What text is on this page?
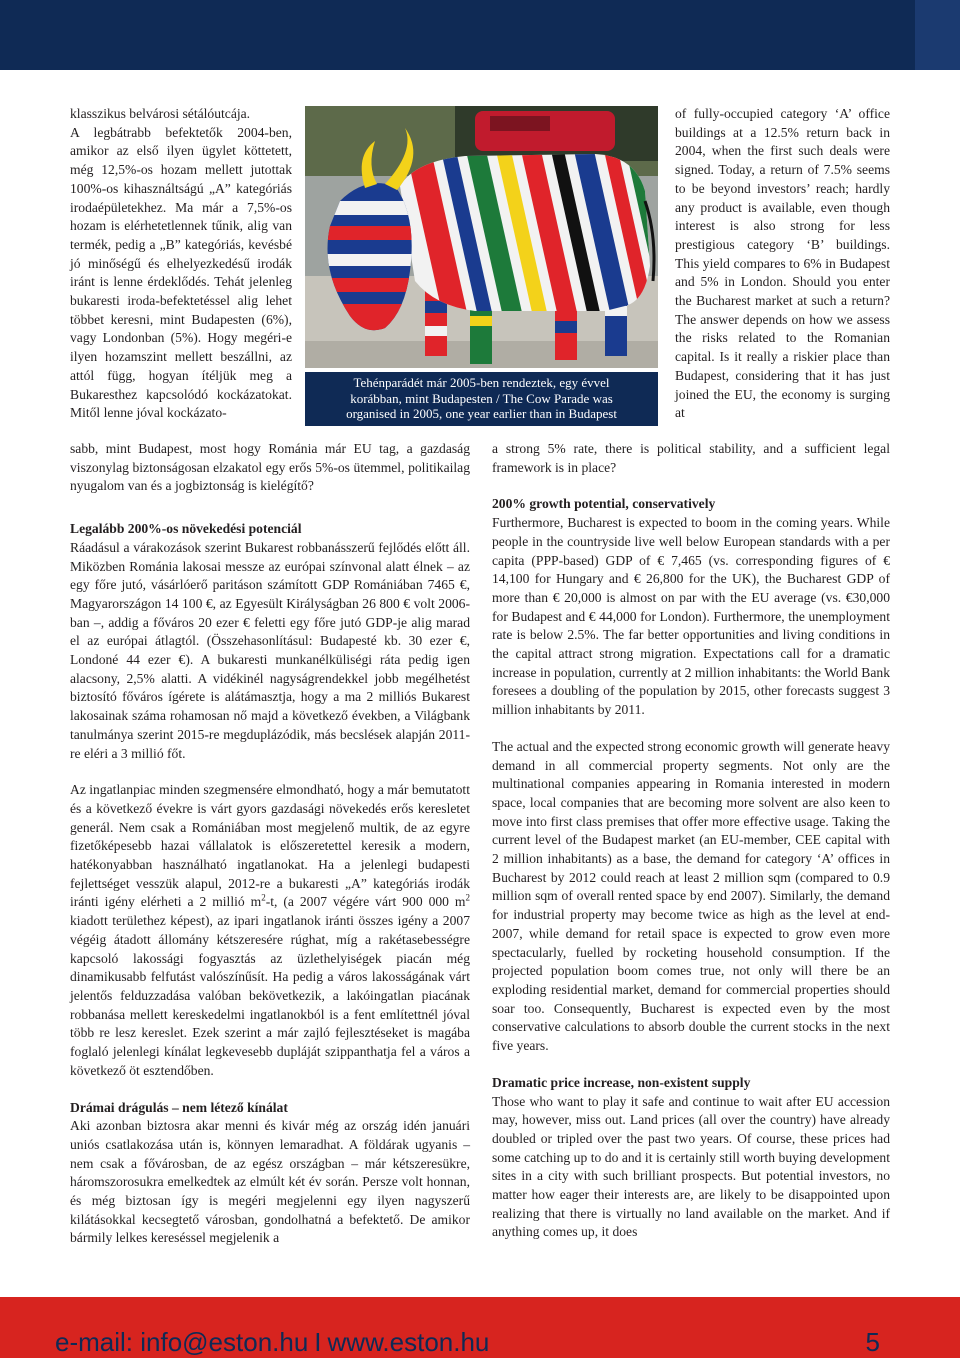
klasszikus belvárosi sétálóutcája.

A legbátrabb befektetők 2004-ben, amikor az első ilyen ügylet köttetett, még 12,5%-os hozam mellett jutottak 100%-os kihasználtságú „A” kategóriás irodaépületekhez. Ma már a 7,5%-os hozam is elérhetetlennek tűnik, alig van termék, pedig a „B” kategóriás, kevésbé jó minőségű és elhelyezkedésű irodák iránt is lenne érdeklődés. Tehát jelenleg bukaresti iroda-befektetéssel alig lehet többet keresni, mint Budapesten (6%), vagy Londonban (5%). Hogy megéri-e ilyen hozamszint mellett beszállni, az attól függ, hogyan ítéljük meg a Bukaresthez kapcsolódó kockázatokat. Mitől lenne jóval kockázato-

Tehénparádét már 2005-ben rendeztek, egy évvel
korábban, mint Budapesten / The Cow Parade was
organised in 2005, one year earlier than in Budapest

of fully-occupied category ‘A’ office buildings at a 12.5% return back in 2004, when the first such deals were signed. Today, a return of 7.5% seems to be beyond investors’ reach; hardly any product is available, even though interest is also strong for less prestigious category ‘B’ buildings. This yield compares to 6% in Budapest and 5% in London. Should you enter the Bucharest market at such a return? The answer depends on how we assess the risks related to the Romanian capital. Is it really a riskier place than Budapest, considering that it has just joined the EU, the economy is surging at

sabb, mint Budapest, most hogy Románia már EU tag, a gazdaság viszonylag biztonságosan elzakatol egy erős 5%-os ütemmel, politikailag nyugalom van és a jogbiztonság is kielégítő?

Legalább 200%-os növekedési potenciál

Ráadásul a várakozások szerint Bukarest robbanásszerű fejlődés előtt áll. Miközben Románia lakosai messze az európai színvonal alatt élnek – az egy főre jutó, vásárlóerő paritáson számított GDP Romániában 7465 €, Magyarországon 14 100 €, az Egyesült Királyságban 26 800 € volt 2006-ban –, addig a főváros 20 ezer € feletti egy főre jutó GDP-je alig marad el az európai átlagtól. (Összehasonlításul: Budapesté kb. 30 ezer €, Londoné 44 ezer €). A bukaresti munkanélküliségi ráta pedig igen alacsony, 2,5% alatti. A vidékinél nagyságrendekkel jobb megélhetést biztosító főváros ígérete is alátámasztja, hogy a ma 2 milliós Bukarest lakosainak száma rohamosan nő majd a következő években, a Világbank tanulmánya szerint 2015-re megduplázódik, más becslések alapján 2011-re eléri a 3 millió főt.

Az ingatlanpiac minden szegmensére elmondható, hogy a már bemutatott és a következő évekre is várt gyors gazdasági növekedés erős keresletet generál. Nem csak a Romániában most megjelenő multik, de az egyre fizetőképesebb hazai vállalatok is előszeretettel keresik a modern, hatékonyabban használható ingatlanokat. Ha a jelenlegi budapesti fejlettséget vesszük alapul, 2012-re a bukaresti „A” kategóriás irodák iránti igény elérheti a 2 millió $m^2-t$, (a 2007 végére várt 900 000 $m^2$ kiadott területhez képest), az ipari ingatlanok iránti összes igény a 2007 végéig átadott állomány kétszeresére rúghat, míg a rakétasebességre kapcsoló lakossági fogyasztás az üzlethelyiségek piacán még dinamikusabb felfutást valószínűsít. Ha pedig a város lakosságának várt jelentős felduzzadása valóban bekövetkezik, a lakóingatlan piacának robbanása mellett kereskedelmi ingatlanokból is a fent említettnél jóval több re lesz kereslet. Ezek szerint a már zajló fejlesztéseket is magába foglaló jelenlegi kínálat legkevesebb dupláját szippanthatja fel a város a következő öt esztendőben.

Drámai drágulás – nem létező kínálat

Aki azonban biztosra akar menni és kivár még az ország idén januári uniós csatlakozása után is, könnyen lemaradhat. A földárak ugyanis – nem csak a fővárosban, de az egész országban – már kétszeresükre, háromszorosukra emelkedtek az elmúlt két év során. Persze volt honnan, és még biztosan így is megéri megjelenni egy ilyen nagyszerű kilátásokkal kecsegtető városban, gondolhatná a befektető. De amikor bármily lelkes kereséssel megjelenik a

a strong 5% rate, there is political stability, and a sufficient legal framework is in place?

200% growth potential, conservatively

Furthermore, Bucharest is expected to boom in the coming years. While people in the countryside live well below European standards with a per capita (PPP-based) GDP of € 7,465 (vs. corresponding figures of € 14,100 for Hungary and € 26,800 for the UK), the Bucharest GDP of more than € 20,000 is almost on par with the EU average (vs. €30,000 for Budapest and € 44,000 for London). Furthermore, the unemployment rate is below 2.5%. The far better opportunities and living conditions in the capital attract strong migration. Expectations call for a dramatic increase in population, currently at 2 million inhabitants: the World Bank foresees a doubling of the population by 2015, other forecasts suggest 3 million inhabitants by 2011.

The actual and the expected strong economic growth will generate heavy demand in all commercial property segments. Not only are the multinational companies appearing in Romania interested in modern space, local companies that are becoming more solvent are also keen to move into first class premises that offer more effective usage. Taking the current level of the Budapest market (an EU-member, CEE capital with 2 million inhabitants) as a base, the demand for category ‘A’ offices in Bucharest by 2012 could reach at least 2 million sqm (compared to 0.9 million sqm of overall rented space by end 2007). Similarly, the demand for industrial property may become twice as high as the level at end-2007, while demand for retail space is expected to grow even more spectacularly, fuelled by rocketing household consumption. If the projected population boom comes true, not only will there be an exploding residential market, demand for commercial properties should soar too. Consequently, Bucharest is expected even by the most conservative calculations to absorb double the current stocks in the next five years.

Dramatic price increase, non-existent supply

Those who want to play it safe and continue to wait after EU accession may, however, miss out. Land prices (all over the country) have already doubled or tripled over the past two years. Of course, these prices had some catching up to do and it is certainly still worth buying development sites in a city with such brilliant prospects. But potential investors, no matter how eager their interests are, are likely to be disappointed upon realizing that there is virtually no land available on the market. And if anything comes up, it does

e-mail: info@eston.hu I www.eston.hu	5
